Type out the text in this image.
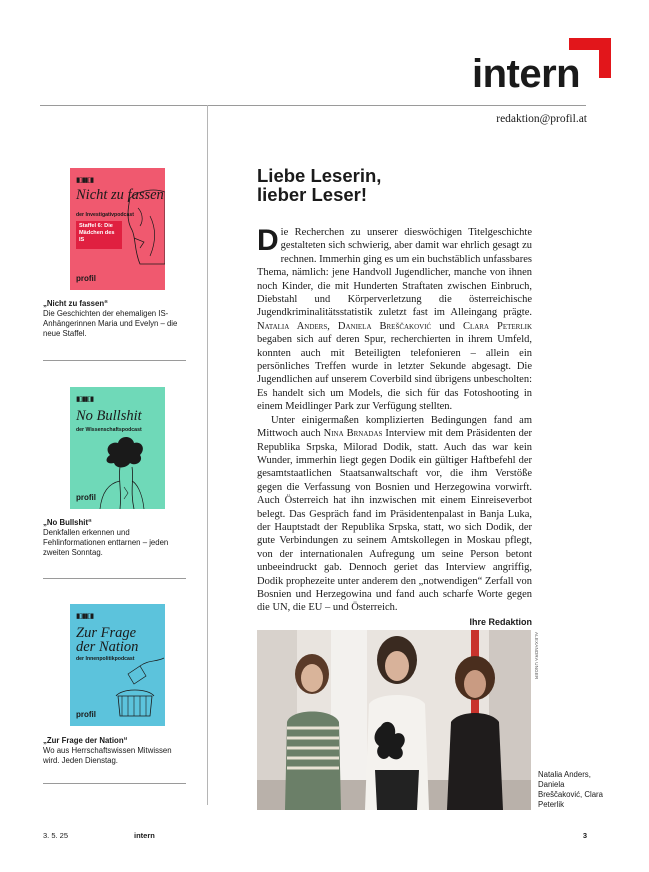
intern
redaktion@profil.at
▮▯▮▮▯▮
Nicht zu fassen
der Investigativpodcast
Staffel 6: Die Mädchen des IS
profil
„Nicht zu fassen“
Die Geschichten der ehemaligen IS-Anhängerinnen Maria und Evelyn – die neue Staffel.
▮▯▮▮▯▮
No Bullshit
der Wissenschaftspodcast
profil
„No Bullshit“
Denkfallen erkennen und Fehlinformationen enttarnen – jeden zweiten Sonntag.
▮▯▮▮▯▮
Zur Frage der Nation
der Innenpolitikpodcast
profil
„Zur Frage der Nation“
Wo aus Herrschaftswissen Mitwissen wird. Jeden Dienstag.
Liebe Leserin,
lieber Leser!

Die Recherchen zu unserer dieswöchigen Titelgeschichte gestalteten sich schwierig, aber damit war ehrlich gesagt zu rechnen. Immerhin ging es um ein buchstäblich unfassbares Thema, nämlich: jene Handvoll Jugendlicher, manche von ihnen noch Kinder, die mit Hunderten Straftaten zwischen Einbruch, Diebstahl und Körperverletzung die österreichische Jugendkriminalitätsstatistik zuletzt fast im Alleingang prägte. Natalia Anders, Daniela Breščaković und Clara Peterlik begaben sich auf deren Spur, recherchierten in ihrem Umfeld, konnten auch mit Beteiligten telefonieren – allein ein persönliches Treffen wurde in letzter Sekunde abgesagt. Die Jugendlichen auf unserem Coverbild sind übrigens unbescholten: Es handelt sich um Models, die sich für das Fotoshooting in einem Meidlinger Park zur Verfügung stellten.

Unter einigermaßen komplizierten Bedingungen fand am Mittwoch auch Nina Brnadas Interview mit dem Präsidenten der Republika Srpska, Milorad Dodik, statt. Auch das war kein Wunder, immerhin liegt gegen Dodik ein gültiger Haftbefehl der gesamtstaatlichen Staatsanwaltschaft vor, die ihm Verstöße gegen die Verfassung von Bosnien und Herzegowina vorwirft. Auch Österreich hat ihn inzwischen mit einem Einreiseverbot belegt. Das Gespräch fand im Präsidentenpalast in Banja Luka, der Hauptstadt der Republika Srpska, statt, wo sich Dodik, der gute Verbindungen zu seinem Amtskollegen in Moskau pflegt, von der internationalen Aufregung um seine Person betont unbeeindruckt gab. Dennoch geriet das Interview angriffig, Dodik prophezeite unter anderem den „notwendigen“ Zerfall von Bosnien und Herzegowina und fand auch scharfe Worte gegen die UN, die EU – und Österreich.

Ihre Redaktion
ALEXANDRA UNGER
Natalia Anders, Daniela Breščaković, Clara Peterlik
3. 5. 25	intern	3
